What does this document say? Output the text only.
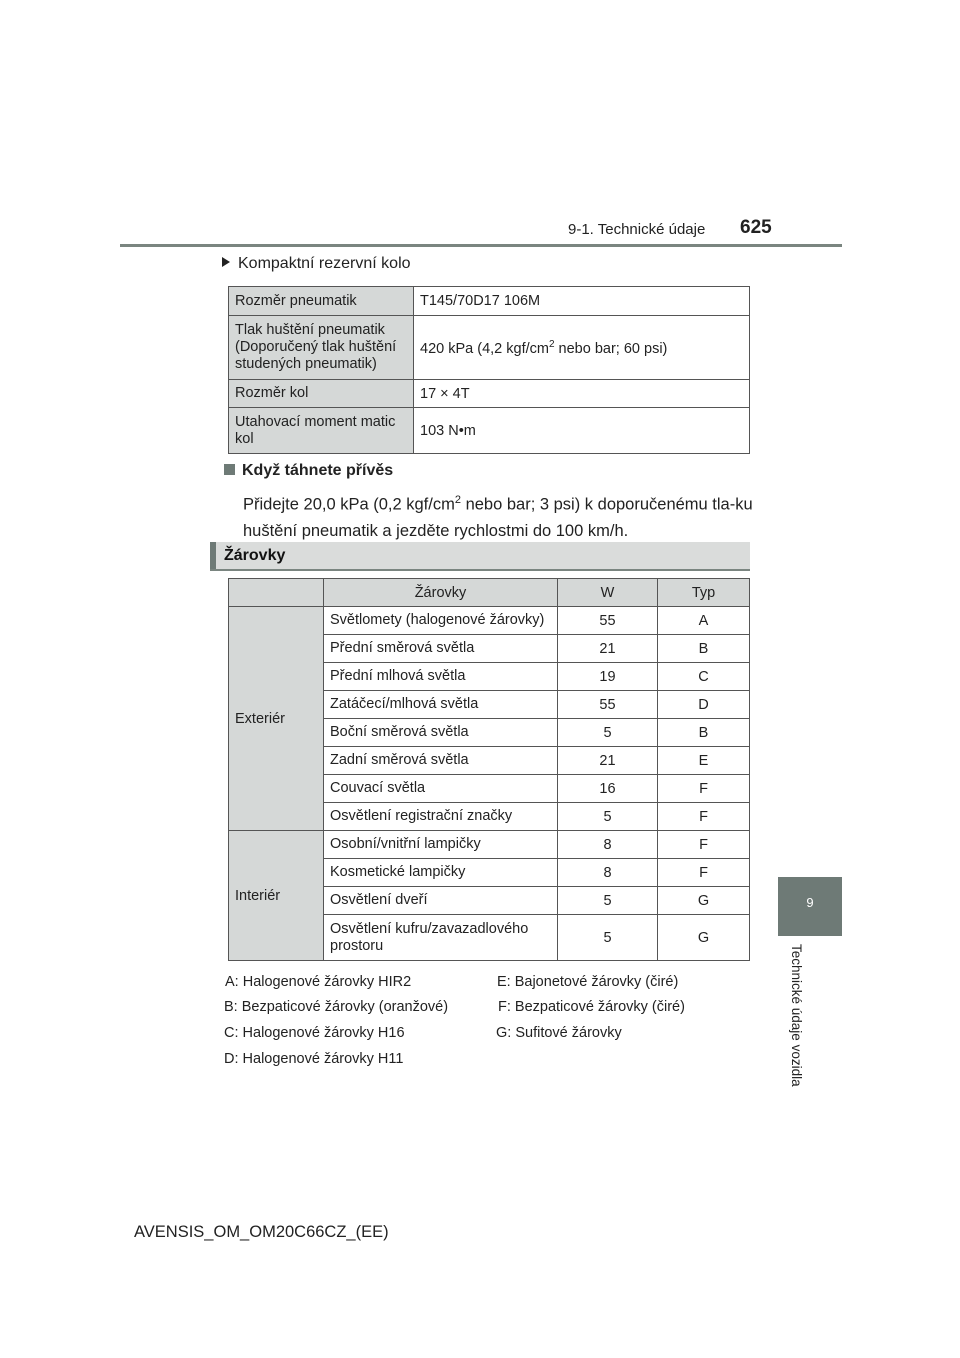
9-1. Technické údaje 625
9
Technické údaje vozidla
Kompaktní rezervní kolo
Rozměr pneumatik	T145/70D17 106M
Tlak huštění pneumatik (Doporučený tlak huštění studených pneumatik)	420 kPa (4,2 kgf/$cm^2$ nebo bar; 60 psi)
Rozměr kol	17 × 4T
Utahovací moment matic kol	103 N•m
Když táhnete přívěs
Přidejte 20,0 kPa (0,2 kgf/$cm^2$ nebo bar; 3 psi) k doporučenému tla-ku huštění pneumatik a jezděte rychlostmi do 100 km/h.
Žárovky
	Žárovky	W	Typ
Exteriér	Světlomety (halogenové žárovky)	55	A
	Přední směrová světla	21	B
	Přední mlhová světla	19	C
	Zatáčecí/mlhová světla	55	D
	Boční směrová světla	5	B
	Zadní směrová světla	21	E
	Couvací světla	16	F
	Osvětlení registrační značky	5	F
Interiér	Osobní/vnitřní lampičky	8	F
	Kosmetické lampičky	8	F
	Osvětlení dveří	5	G
	Osvětlení kufru/zavazadlového prostoru	5	G
A: Halogenové žárovky HIR2	E: Bajonetové žárovky (čiré)
B: Bezpaticové žárovky (oranžové)	F: Bezpaticové žárovky (čiré)
C: Halogenové žárovky H16	G: Sufitové žárovky
D: Halogenové žárovky H11
AVENSIS_OM_OM20C66CZ_(EE)
